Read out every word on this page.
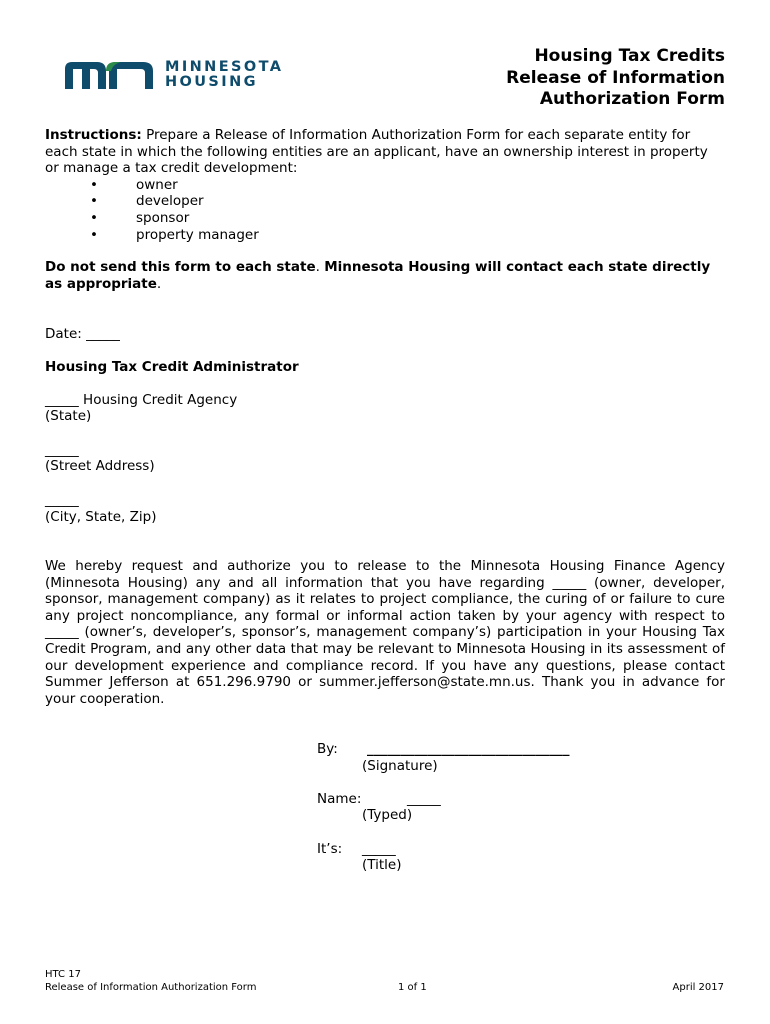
MINNESOTA
HOUSING
Housing Tax Credits
Release of Information
Authorization Form

Instructions: Prepare a Release of Information Authorization Form for each separate entity for each state in which the following entities are an applicant, have an ownership interest in property or manage a tax credit development:

•	owner
•	developer
•	sponsor
•	property manager
Do not send this form to each state. Minnesota Housing will contact each state directly as appropriate.
Date: _____
Housing Tax Credit Administrator
_____ Housing Credit Agency
(State)
_____
(Street Address)
_____
(City, State, Zip)

We hereby request and authorize you to release to the Minnesota Housing Finance Agency (Minnesota Housing) any and all information that you have regarding _____ (owner, developer, sponsor, management company) as it relates to project compliance, the curing of or failure to cure any project noncompliance, any formal or informal action taken by your agency with respect to _____ (owner’s, developer’s, sponsor’s, management company’s) participation in your Housing Tax Credit Program, and any other data that may be relevant to Minnesota Housing in its assessment of our development experience and compliance record. If you have any questions, please contact Summer Jefferson at 651.296.9790 or summer.jefferson@state.mn.us. Thank you in advance for your cooperation.

By: ______________________________
(Signature)
Name:	_____
(Typed)
It’s: _____
(Title)
HTC 17
Release of Information Authorization Form	1 of 1	April 2017
